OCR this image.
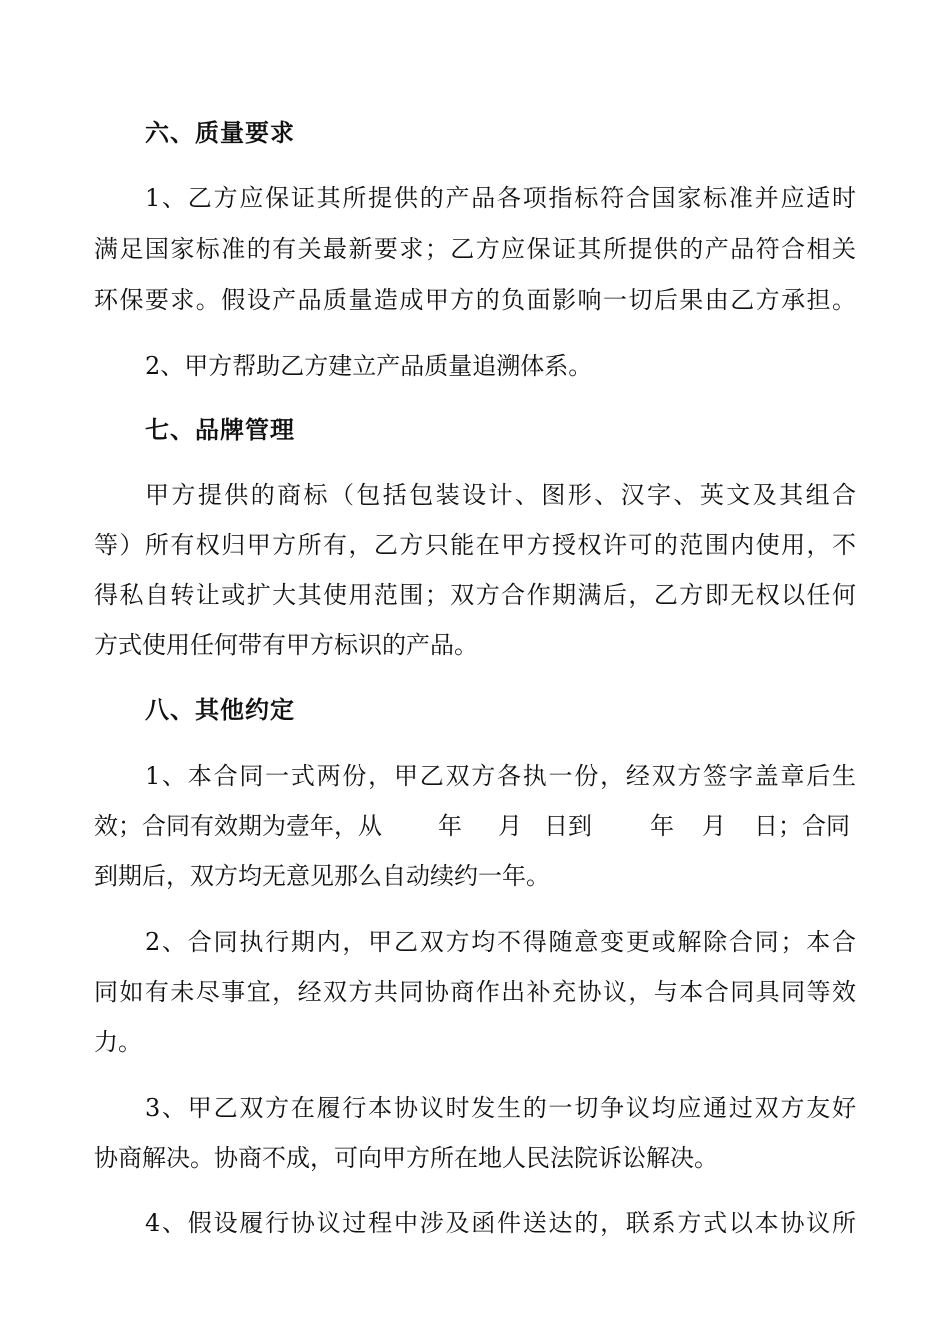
六、质量要求
1、乙方应保证其所提供的产品各项指标符合国家标准并应适时
满足国家标准的有关最新要求；乙方应保证其所提供的产品符合相关
环保要求。假设产品质量造成甲方的负面影响一切后果由乙方承担。
2、甲方帮助乙方建立产品质量追溯体系。
七、品牌管理
甲方提供的商标（包括包装设计、图形、汉字、英文及其组合
等）所有权归甲方所有，乙方只能在甲方授权许可的范围内使用，不
得私自转让或扩大其使用范围；双方合作期满后，乙方即无权以任何
方式使用任何带有甲方标识的产品。
八、其他约定
1、本合同一式两份，甲乙双方各执一份，经双方签字盖章后生
效；合同有效期为壹年，从 年 月 日到 年 月 日；合同
到期后，双方均无意见那么自动续约一年。
2、合同执行期内，甲乙双方均不得随意变更或解除合同；本合
同如有未尽事宜，经双方共同协商作出补充协议，与本合同具同等效
力。
3、甲乙双方在履行本协议时发生的一切争议均应通过双方友好
协商解决。协商不成，可向甲方所在地人民法院诉讼解决。
4、假设履行协议过程中涉及函件送达的，联系方式以本协议所
